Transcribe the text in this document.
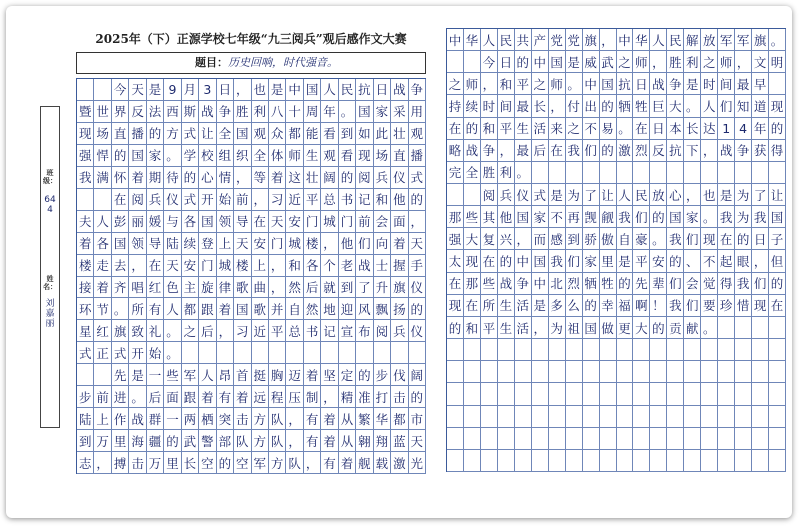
2025年（下）正源学校七年级“九三阅兵”观后感作文大赛
题目：历史回响，时代强音。
班级：
644
姓名：
刘嘉丽
今 天 是 9 月 3 日 ， 也 是 中 国 人 民 抗 日 战 争
暨 世 界 反 法 西 斯 战 争 胜 利 八 十 周 年 。 国 家 采 用
现 场 直 播 的 方 式 让 全 国 观 众 都 能 看 到 如 此 壮 观
强 悍 的 国 家 。 学 校 组 织 全 体 师 生 观 看 现 场 直 播
我 满 怀 着 期 待 的 心 情 ， 等 着 这 壮 阔 的 阅 兵 仪 式
在 阅 兵 仪 式 开 始 前 ， 习 近 平 总 书 记 和 他 的
夫 人 彭 丽 媛 与 各 国 领 导 在 天 安 门 城 门 前 会 面 ，
着 各 国 领 导 陆 续 登 上 天 安 门 城 楼 ， 他 们 向 着 天
楼 走 去 ， 在 天 安 门 城 楼 上 ， 和 各 个 老 战 士 握 手
接 着 齐 唱 红 色 主 旋 律 歌 曲 ， 然 后 就 到 了 升 旗 仪
环 节 。 所 有 人 都 跟 着 国 歌 并 自 然 地 迎 风 飘 扬 的
星 红 旗 致 礼 。 之 后 ， 习 近 平 总 书 记 宣 布 阅 兵 仪
式 正 式 开 始 。
先 是 一 些 军 人 昂 首 挺 胸 迈 着 坚 定 的 步 伐 阔
步 前 进 。 后 面 跟 着 有 着 远 程 压 制 ， 精 准 打 击 的
陆 上 作 战 群 一 两 栖 突 击 方 队 ， 有 着 从 繁 华 都 市
到 万 里 海 疆 的 武 警 部 队 方 队 ， 有 着 从 翱 翔 蓝 天
志 ， 搏 击 万 里 长 空 的 空 军 方 队 ， 有 着 舰 载 激 光
中 华 人 民 共 产 党 党 旗 ， 中 华 人 民 解 放 军 军 旗 。
今 日 的 中 国 是 威 武 之 师 ， 胜 利 之 师 ， 文 明
之 师 ， 和 平 之 师 。 中 国 抗 日 战 争 是 时 间 最 早
持 续 时 间 最 长 ， 付 出 的 牺 牲 巨 大 。 人 们 知 道 现
在 的 和 平 生 活 来 之 不 易 。 在 日 本 长 达 1 4 年 的
略 战 争 ， 最 后 在 我 们 的 激 烈 反 抗 下 ， 战 争 获 得
完 全 胜 利 。
阅 兵 仪 式 是 为 了 让 人 民 放 心 ， 也 是 为 了 让
那 些 其 他 国 家 不 再 觊 觎 我 们 的 国 家 。 我 为 我 国
强 大 复 兴 ， 而 感 到 骄 傲 自 豪 。 我 们 现 在 的 日 子
太 现 在 的 中 国 我 们 家 里 是 平 安 的 、 不 起 眼 ， 但
在 那 些 战 争 中 北 烈 牺 牲 的 先 辈 们 会 觉 得 我 们 的
现 在 所 生 活 是 多 么 的 幸 福 啊 ！ 我 们 要 珍 惜 现 在
的 和 平 生 活 ， 为 祖 国 做 更 大 的 贡 献 。
